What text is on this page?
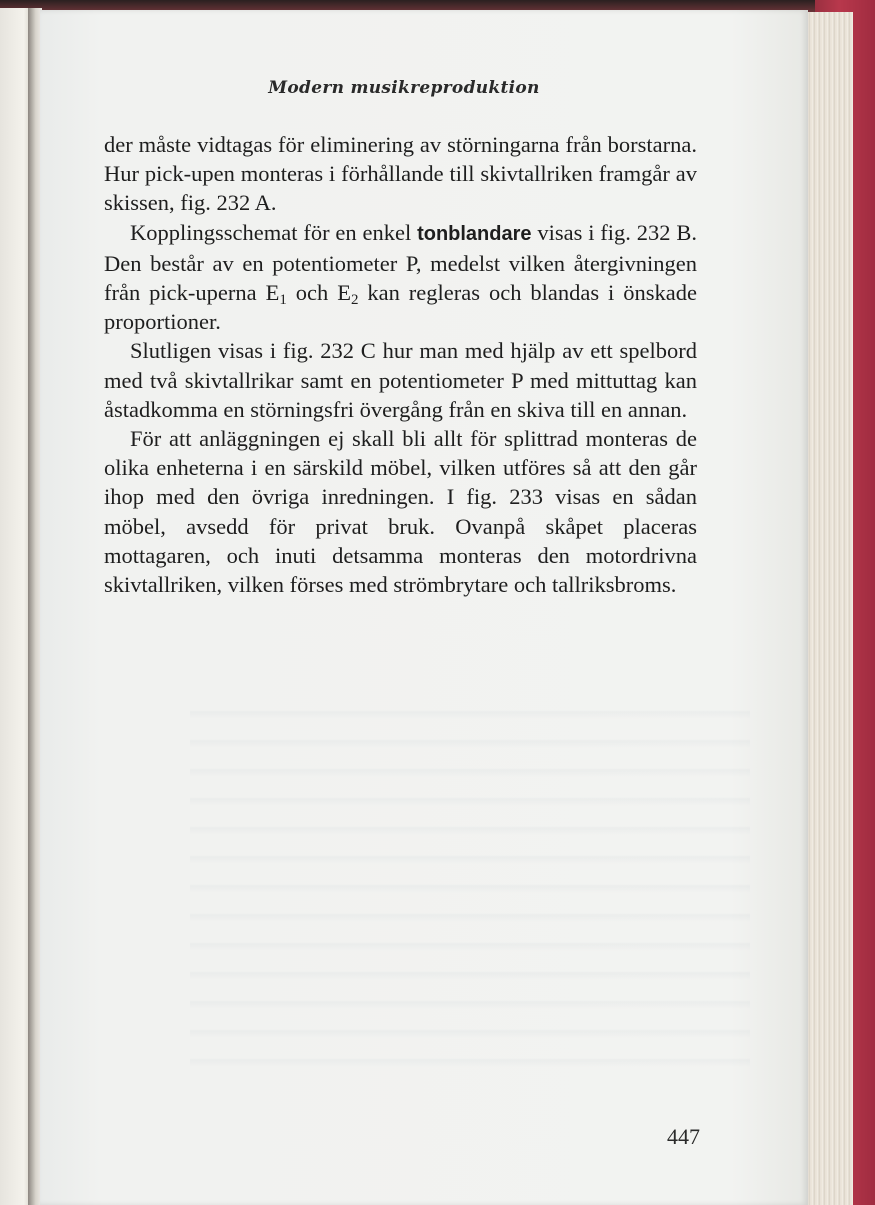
Modern musikreproduktion

der måste vidtagas för eliminering av störningarna från borstarna. Hur pick-upen monteras i förhållande till skivtallriken framgår av skissen, fig. 232 A.

Kopplingsschemat för en enkel tonblandare visas i fig. 232 B. Den består av en potentiometer P, medelst vilken återgivningen från pick-uperna $E_1$ och $E_2$ kan regleras och blandas i önskade proportioner.

Slutligen visas i fig. 232 C hur man med hjälp av ett spelbord med två skivtallrikar samt en potentiometer P med mittuttag kan åstadkomma en störningsfri övergång från en skiva till en annan.

För att anläggningen ej skall bli allt för splittrad monteras de olika enheterna i en särskild möbel, vilken utföres så att den går ihop med den övriga inredningen. I fig. 233 visas en sådan möbel, avsedd för privat bruk. Ovanpå skåpet placeras mottagaren, och inuti detsamma monteras den motordrivna skivtallriken, vilken förses med strömbrytare och tallriksbroms.

447
